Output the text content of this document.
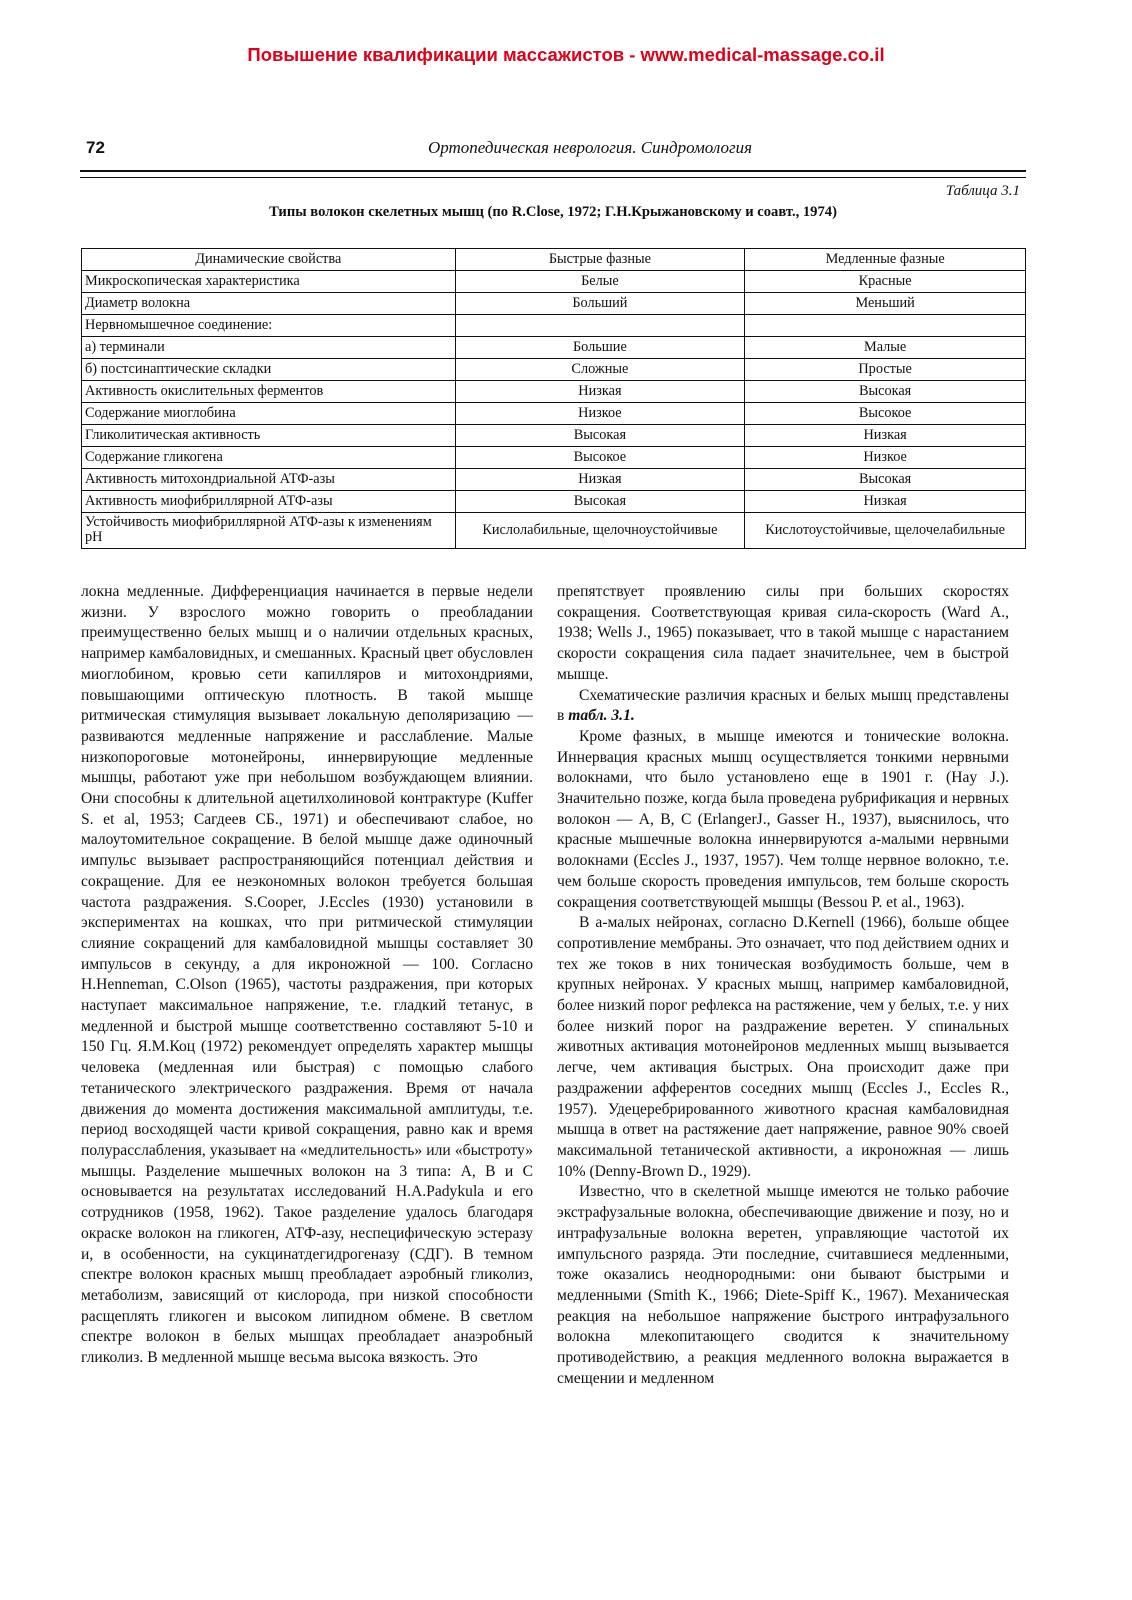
Повышение квалификации массажистов - www.medical-massage.co.il
72	Ортопедическая неврология. Синдромология
Таблица 3.1
Типы волокон скелетных мышц (по R.Close, 1972; Г.Н.Крыжановскому и соавт., 1974)
Динамические свойства	Быстрые фазные	Медленные фазные
Микроскопическая характеристика	Белые	Красные
Диаметр волокна	Больший	Меньший
Нервномышечное соединение:		
а) терминали	Большие	Малые
б) постсинаптические складки	Сложные	Простые
Активность окислительных ферментов	Низкая	Высокая
Содержание миоглобина	Низкое	Высокое
Гликолитическая активность	Высокая	Низкая
Содержание гликогена	Высокое	Низкое
Активность митохондриальной АТФ-азы	Низкая	Высокая
Активность миофибриллярной АТФ-азы	Высокая	Низкая
Устойчивость миофибриллярной АТФ-азы к изменениям pH	Кислолабильные, щелочноустойчивые	Кислотоустойчивые, щелочелабильные

локна медленные. Дифференциация начинается в первые недели жизни. У взрослого можно говорить о преобладании преимущественно белых мышц и о наличии отдельных красных, например камбаловидных, и смешанных. Красный цвет обусловлен миоглобином, кровью сети капилляров и митохондриями, повышающими оптическую плотность. В такой мышце ритмическая стимуляция вызывает локальную деполяризацию — развиваются медленные напряжение и расслабление. Малые низкопороговые мотонейроны, иннервирующие медленные мышцы, работают уже при небольшом возбуждающем влиянии. Они способны к длительной ацетилхолиновой контрактуре (Kuffer S. et al, 1953; Сагдеев СБ., 1971) и обеспечивают слабое, но малоутомительное сокращение. В белой мышце даже одиночный импульс вызывает распространяющийся потенциал действия и сокращение. Для ее неэкономных волокон требуется большая частота раздражения. S.Cooper, J.Eccles (1930) установили в экспериментах на кошках, что при ритмической стимуляции слияние сокращений для камбаловидной мышцы составляет 30 импульсов в секунду, а для икроножной — 100. Согласно H.Henneman, C.Olson (1965), частоты раздражения, при которых наступает максимальное напряжение, т.е. гладкий тетанус, в медленной и быстрой мышце соответственно составляют 5-10 и 150 Гц. Я.М.Коц (1972) рекомендует определять характер мышцы человека (медленная или быстрая) с помощью слабого тетанического электрического раздражения. Время от начала движения до момента достижения максимальной амплитуды, т.е. период восходящей части кривой сокращения, равно как и время полурасслабления, указывает на «медлительность» или «быстроту» мышцы. Разделение мышечных волокон на 3 типа: А, В и С основывается на результатах исследований H.A.Padykula и его сотрудников (1958, 1962). Такое разделение удалось благодаря окраске волокон на гликоген, АТФ-азу, неспецифическую эстеразу и, в особенности, на сукцинатдегидрогеназу (СДГ). В темном спектре волокон красных мышц преобладает аэробный гликолиз, метаболизм, зависящий от кислорода, при низкой способности расщеплять гликоген и высоком липидном обмене. В светлом спектре волокон в белых мышцах преобладает анаэробный гликолиз. В медленной мышце весьма высока вязкость. Это

препятствует проявлению силы при больших скоростях сокращения. Соответствующая кривая сила-скорость (Ward A., 1938; Wells J., 1965) показывает, что в такой мышце с нарастанием скорости сокращения сила падает значительнее, чем в быстрой мышце.

Схематические различия красных и белых мышц представлены в табл. 3.1.

Кроме фазных, в мышце имеются и тонические волокна. Иннервация красных мышц осуществляется тонкими нервными волокнами, что было установлено еще в 1901 г. (Hay J.). Значительно позже, когда была проведена рубрификация и нервных волокон — А, В, С (ErlangerJ., Gasser H., 1937), выяснилось, что красные мышечные волокна иннервируются а-малыми нервными волокнами (Eccles J., 1937, 1957). Чем толще нервное волокно, т.е. чем больше скорость проведения импульсов, тем больше скорость сокращения соответствующей мышцы (Bessou P. et al., 1963).

В а-малых нейронах, согласно D.Kernell (1966), больше общее сопротивление мембраны. Это означает, что под действием одних и тех же токов в них тоническая возбудимость больше, чем в крупных нейронах. У красных мышц, например камбаловидной, более низкий порог рефлекса на растяжение, чем у белых, т.е. у них более низкий порог на раздражение веретен. У спинальных животных активация мотонейронов медленных мышц вызывается легче, чем активация быстрых. Она происходит даже при раздражении афферентов соседних мышц (Eccles J., Eccles R., 1957). Удецеребрированного животного красная камбаловидная мышца в ответ на растяжение дает напряжение, равное 90% своей максимальной тетанической активности, а икроножная — лишь 10% (Denny-Brown D., 1929).

Известно, что в скелетной мышце имеются не только рабочие экстрафузальные волокна, обеспечивающие движение и позу, но и интрафузальные волокна веретен, управляющие частотой их импульсного разряда. Эти последние, считавшиеся медленными, тоже оказались неоднородными: они бывают быстрыми и медленными (Smith K., 1966; Diete-Spiff K., 1967). Механическая реакция на небольшое напряжение быстрого интрафузального волокна млекопитающего сводится к значительному противодействию, а реакция медленного волокна выражается в смещении и медленном
